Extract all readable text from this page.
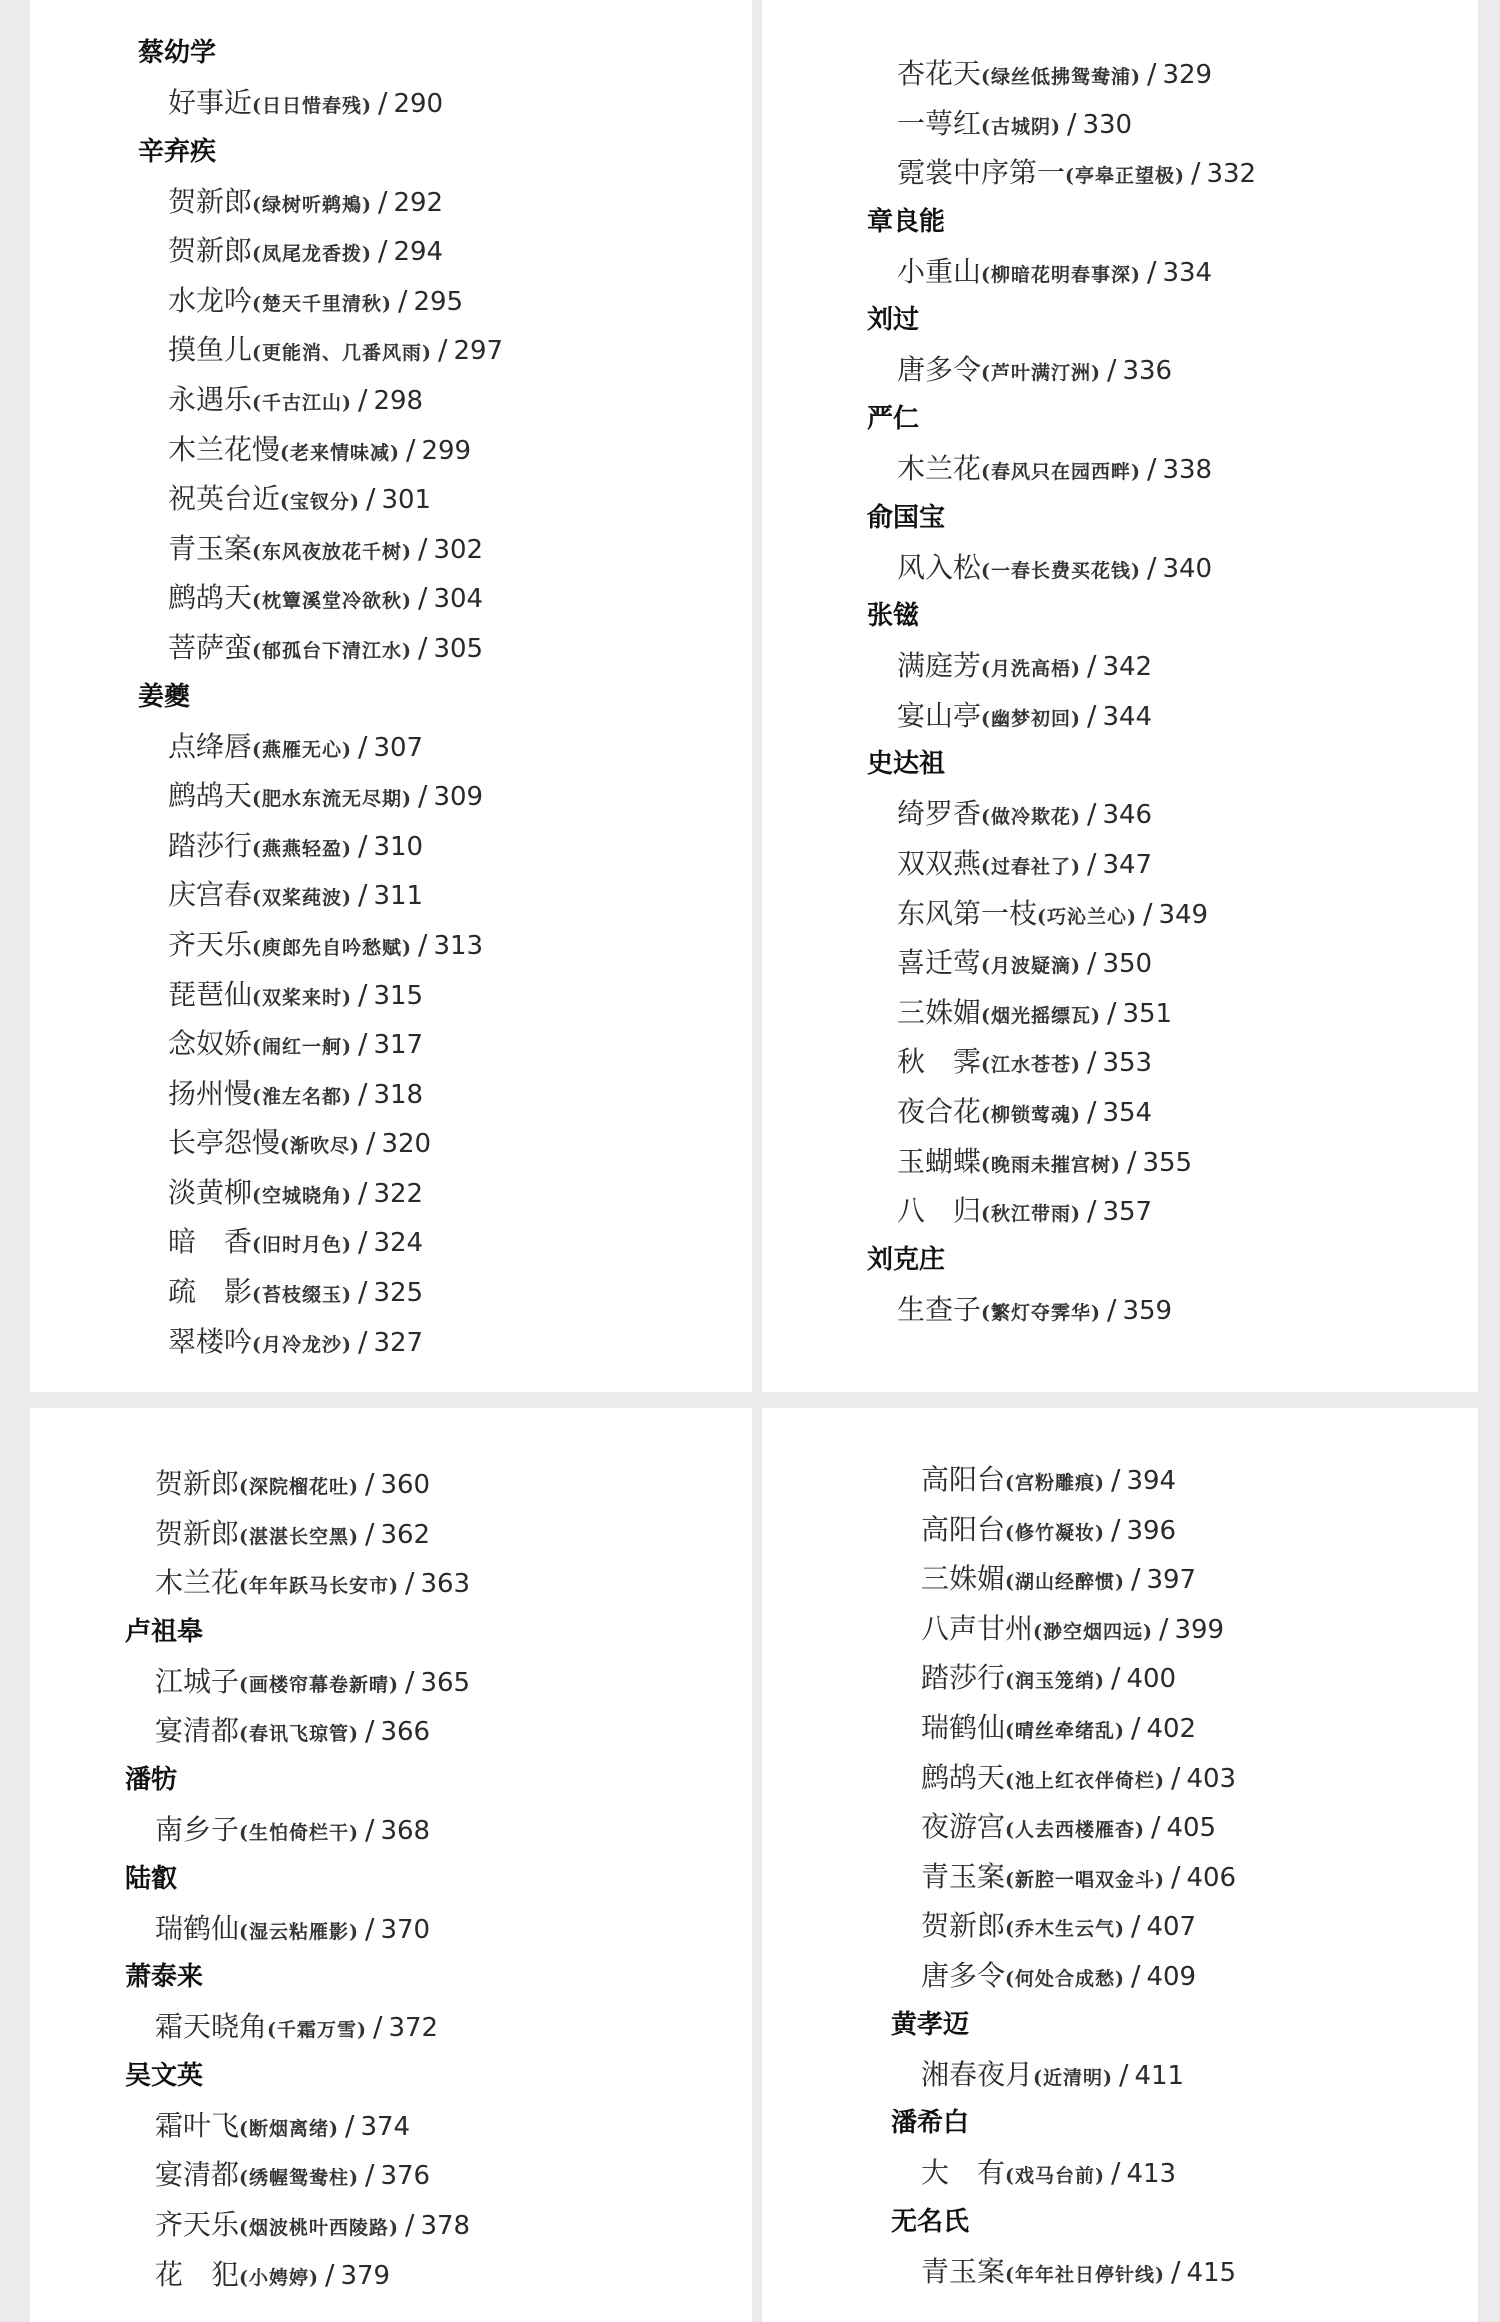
蔡幼学
好事近(日日惜春残) / 290
辛弃疾
贺新郎(绿树听鹈鴂) / 292
贺新郎(凤尾龙香拨) / 294
水龙吟(楚天千里清秋) / 295
摸鱼儿(更能消、几番风雨) / 297
永遇乐(千古江山) / 298
木兰花慢(老来情味减) / 299
祝英台近(宝钗分) / 301
青玉案(东风夜放花千树) / 302
鹧鸪天(枕簟溪堂冷欲秋) / 304
菩萨蛮(郁孤台下清江水) / 305
姜夔
点绛唇(燕雁无心) / 307
鹧鸪天(肥水东流无尽期) / 309
踏莎行(燕燕轻盈) / 310
庆宫春(双桨莼波) / 311
齐天乐(庾郎先自吟愁赋) / 313
琵琶仙(双桨来时) / 315
念奴娇(闹红一舸) / 317
扬州慢(淮左名都) / 318
长亭怨慢(渐吹尽) / 320
淡黄柳(空城晓角) / 322
暗　香(旧时月色) / 324
疏　影(苔枝缀玉) / 325
翠楼吟(月冷龙沙) / 327
杏花天(绿丝低拂鸳鸯浦) / 329
一萼红(古城阴) / 330
霓裳中序第一(亭皋正望极) / 332
章良能
小重山(柳暗花明春事深) / 334
刘过
唐多令(芦叶满汀洲) / 336
严仁
木兰花(春风只在园西畔) / 338
俞国宝
风入松(一春长费买花钱) / 340
张镃
满庭芳(月洗高梧) / 342
宴山亭(幽梦初回) / 344
史达祖
绮罗香(做冷欺花) / 346
双双燕(过春社了) / 347
东风第一枝(巧沁兰心) / 349
喜迁莺(月波疑滴) / 350
三姝媚(烟光摇缥瓦) / 351
秋　霁(江水苍苍) / 353
夜合花(柳锁莺魂) / 354
玉蝴蝶(晚雨未摧宫树) / 355
八　归(秋江带雨) / 357
刘克庄
生查子(繁灯夺霁华) / 359
贺新郎(深院榴花吐) / 360
贺新郎(湛湛长空黑) / 362
木兰花(年年跃马长安市) / 363
卢祖皋
江城子(画楼帘幕卷新晴) / 365
宴清都(春讯飞琼管) / 366
潘牥
南乡子(生怕倚栏干) / 368
陆叡
瑞鹤仙(湿云粘雁影) / 370
萧泰来
霜天晓角(千霜万雪) / 372
吴文英
霜叶飞(断烟离绪) / 374
宴清都(绣幄鸳鸯柱) / 376
齐天乐(烟波桃叶西陵路) / 378
花　犯(小娉婷) / 379
高阳台(宫粉雕痕) / 394
高阳台(修竹凝妆) / 396
三姝媚(湖山经醉惯) / 397
八声甘州(渺空烟四远) / 399
踏莎行(润玉笼绡) / 400
瑞鹤仙(晴丝牵绪乱) / 402
鹧鸪天(池上红衣伴倚栏) / 403
夜游宫(人去西楼雁杳) / 405
青玉案(新腔一唱双金斗) / 406
贺新郎(乔木生云气) / 407
唐多令(何处合成愁) / 409
黄孝迈
湘春夜月(近清明) / 411
潘希白
大　有(戏马台前) / 413
无名氏
青玉案(年年社日停针线) / 415
